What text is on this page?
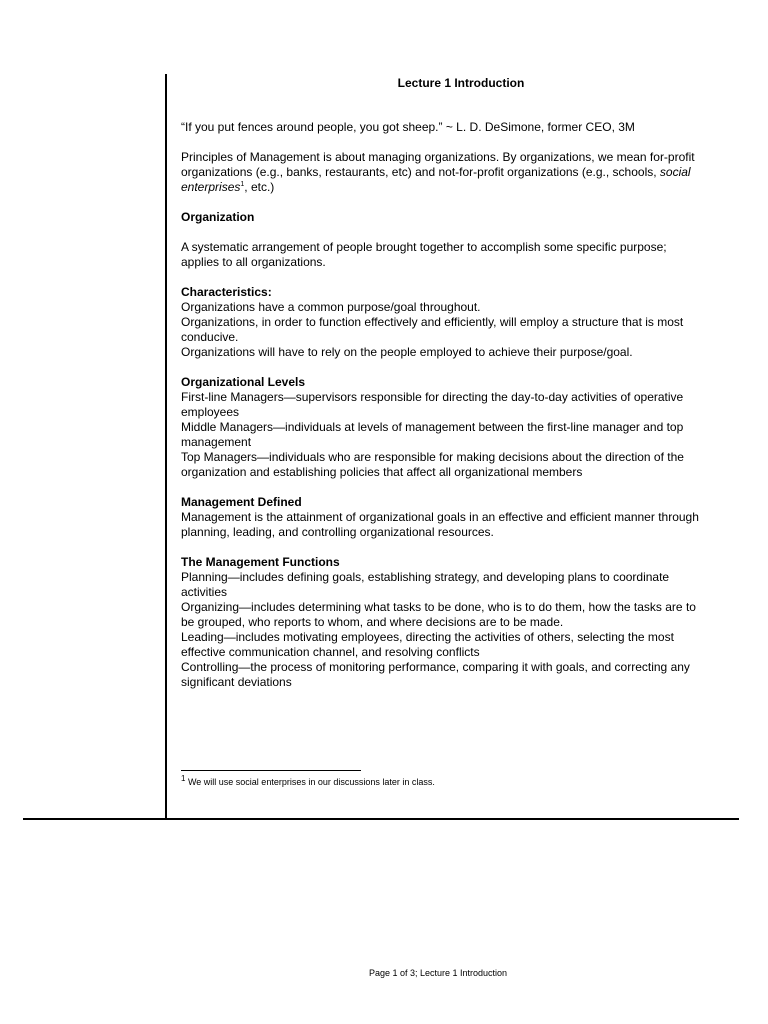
Lecture 1 Introduction

“If you put fences around people, you got sheep.” ~ L. D. DeSimone, former CEO, 3M

Principles of Management is about managing organizations. By organizations, we mean for-profit organizations (e.g., banks, restaurants, etc) and not-for-profit organizations (e.g., schools, social enterprises$^1$, etc.)

Organization

A systematic arrangement of people brought together to accomplish some specific purpose; applies to all organizations.

Characteristics:

Organizations have a common purpose/goal throughout.

Organizations, in order to function effectively and efficiently, will employ a structure that is most conducive.

Organizations will have to rely on the people employed to achieve their purpose/goal.

Organizational Levels

First-line Managers—supervisors responsible for directing the day-to-day activities of operative employees

Middle Managers—individuals at levels of management between the first-line manager and top management

Top Managers—individuals who are responsible for making decisions about the direction of the organization and establishing policies that affect all organizational members

Management Defined

Management is the attainment of organizational goals in an effective and efficient manner through planning, leading, and controlling organizational resources.

The Management Functions

Planning—includes defining goals, establishing strategy, and developing plans to coordinate activities

Organizing—includes determining what tasks to be done, who is to do them, how the tasks are to be grouped, who reports to whom, and where decisions are to be made.

Leading—includes motivating employees, directing the activities of others, selecting the most effective communication channel, and resolving conflicts

Controlling—the process of monitoring performance, comparing it with goals, and correcting any significant deviations

$^1$ We will use social enterprises in our discussions later in class.
Page 1 of 3; Lecture 1 Introduction
